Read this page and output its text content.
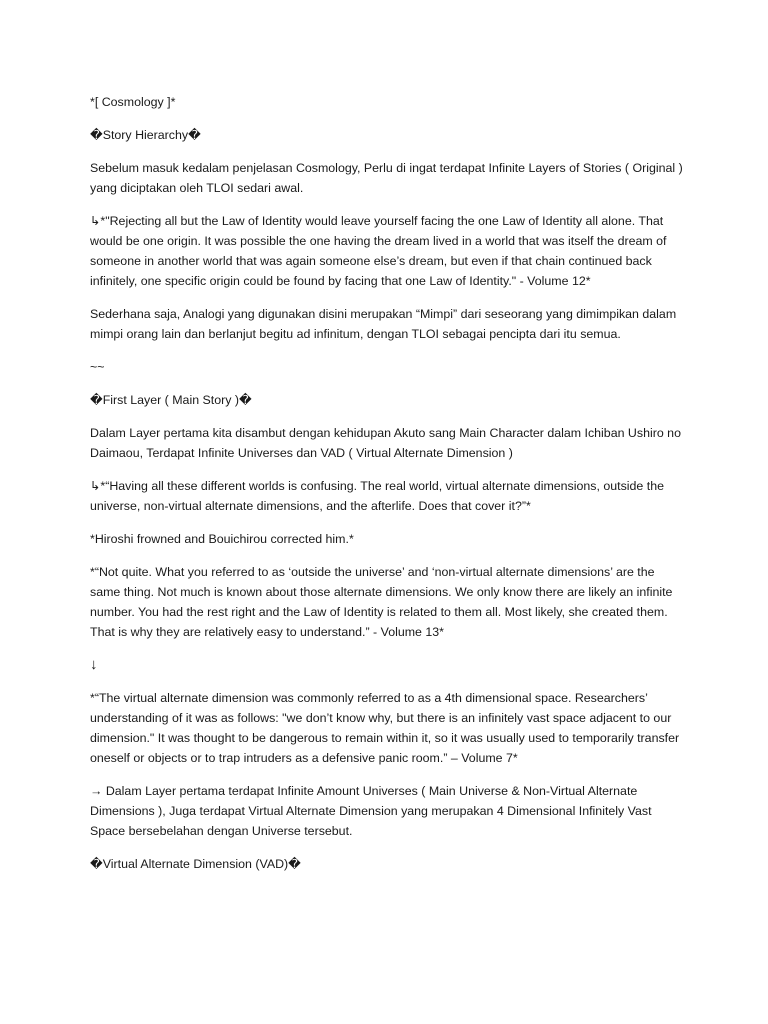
*[ Cosmology ]*

�Story Hierarchy�

Sebelum masuk kedalam penjelasan Cosmology, Perlu di ingat terdapat Infinite Layers of Stories ( Original ) yang diciptakan oleh TLOI sedari awal.

↳*"Rejecting all but the Law of Identity would leave yourself facing the one Law of Identity all alone. That would be one origin. It was possible the one having the dream lived in a world that was itself the dream of someone in another world that was again someone else’s dream, but even if that chain continued back infinitely, one specific origin could be found by facing that one Law of Identity." - Volume 12*

Sederhana saja, Analogi yang digunakan disini merupakan “Mimpi” dari seseorang yang dimimpikan dalam mimpi orang lain dan berlanjut begitu ad infinitum, dengan TLOI sebagai pencipta dari itu semua.

~~

�First Layer ( Main Story )�

Dalam Layer pertama kita disambut dengan kehidupan Akuto sang Main Character dalam Ichiban Ushiro no Daimaou, Terdapat Infinite Universes dan VAD ( Virtual Alternate Dimension )

↳*“Having all these different worlds is confusing. The real world, virtual alternate dimensions, outside the universe, non-virtual alternate dimensions, and the afterlife. Does that cover it?”*

*Hiroshi frowned and Bouichirou corrected him.*

*“Not quite. What you referred to as ‘outside the universe’ and ‘non-virtual alternate dimensions’ are the same thing. Not much is known about those alternate dimensions. We only know there are likely an infinite number. You had the rest right and the Law of Identity is related to them all. Most likely, she created them. That is why they are relatively easy to understand.” - Volume 13*

↓

*“The virtual alternate dimension was commonly referred to as a 4th dimensional space. Researchers’ understanding of it was as follows: "we don’t know why, but there is an infinitely vast space adjacent to our dimension." It was thought to be dangerous to remain within it, so it was usually used to temporarily transfer oneself or objects or to trap intruders as a defensive panic room.” – Volume 7*

→ Dalam Layer pertama terdapat Infinite Amount Universes ( Main Universe & Non-Virtual Alternate Dimensions ), Juga terdapat Virtual Alternate Dimension yang merupakan 4 Dimensional Infinitely Vast Space bersebelahan dengan Universe tersebut.

�Virtual Alternate Dimension (VAD)�
